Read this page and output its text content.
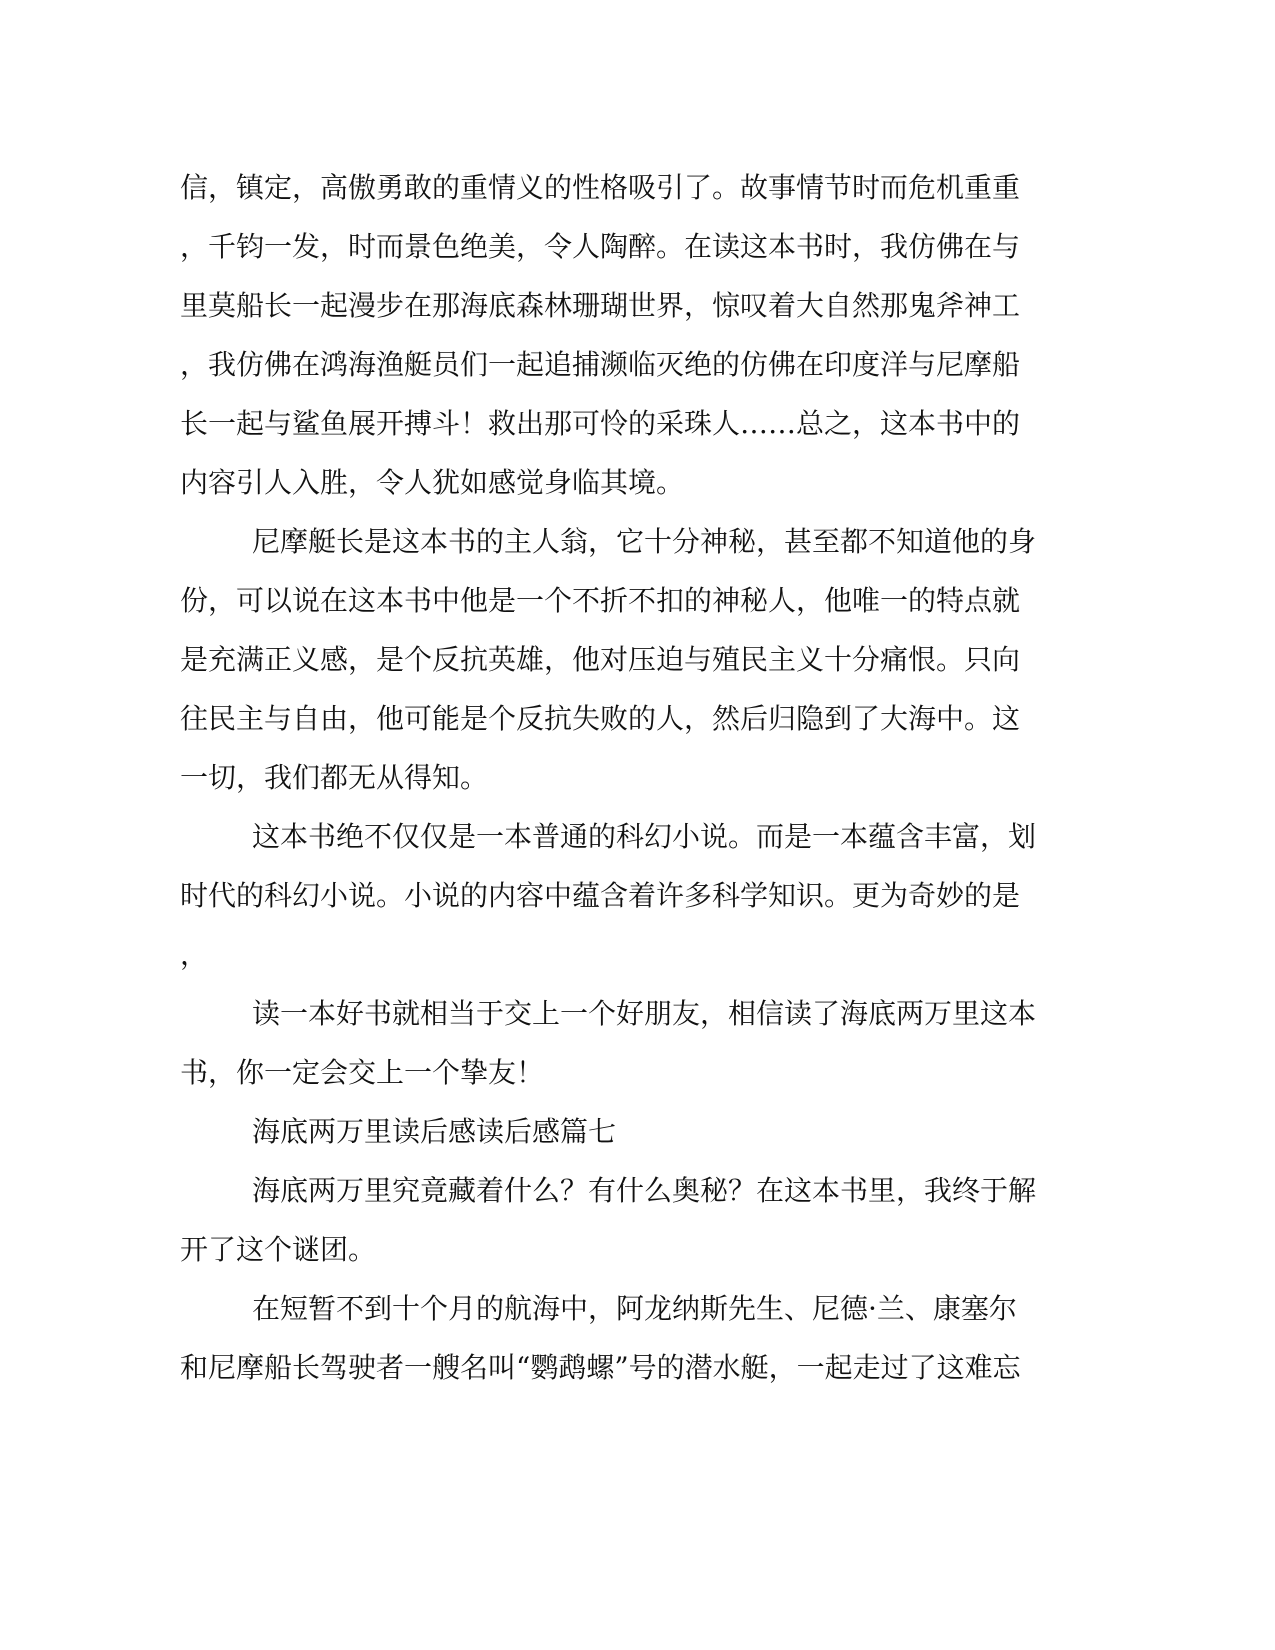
信，镇定，高傲勇敢的重情义的性格吸引了。故事情节时而危机重重
，千钧一发，时而景色绝美，令人陶醉。在读这本书时，我仿佛在与
里莫船长一起漫步在那海底森林珊瑚世界，惊叹着大自然那鬼斧神工
，我仿佛在鸿海渔艇员们一起追捕濒临灭绝的仿佛在印度洋与尼摩船
长一起与鲨鱼展开搏斗！救出那可怜的采珠人……总之，这本书中的
内容引人入胜，令人犹如感觉身临其境。
尼摩艇长是这本书的主人翁，它十分神秘，甚至都不知道他的身
份，可以说在这本书中他是一个不折不扣的神秘人，他唯一的特点就
是充满正义感，是个反抗英雄，他对压迫与殖民主义十分痛恨。只向
往民主与自由，他可能是个反抗失败的人，然后归隐到了大海中。这
一切，我们都无从得知。
这本书绝不仅仅是一本普通的科幻小说。而是一本蕴含丰富，划
时代的科幻小说。小说的内容中蕴含着许多科学知识。更为奇妙的是
，
读一本好书就相当于交上一个好朋友，相信读了海底两万里这本
书，你一定会交上一个挚友！
海底两万里读后感读后感篇七
海底两万里究竟藏着什么？有什么奥秘？在这本书里，我终于解
开了这个谜团。
在短暂不到十个月的航海中，阿龙纳斯先生、尼德·兰、康塞尔
和尼摩船长驾驶者一艘名叫“鹦鹉螺”号的潜水艇，一起走过了这难忘
